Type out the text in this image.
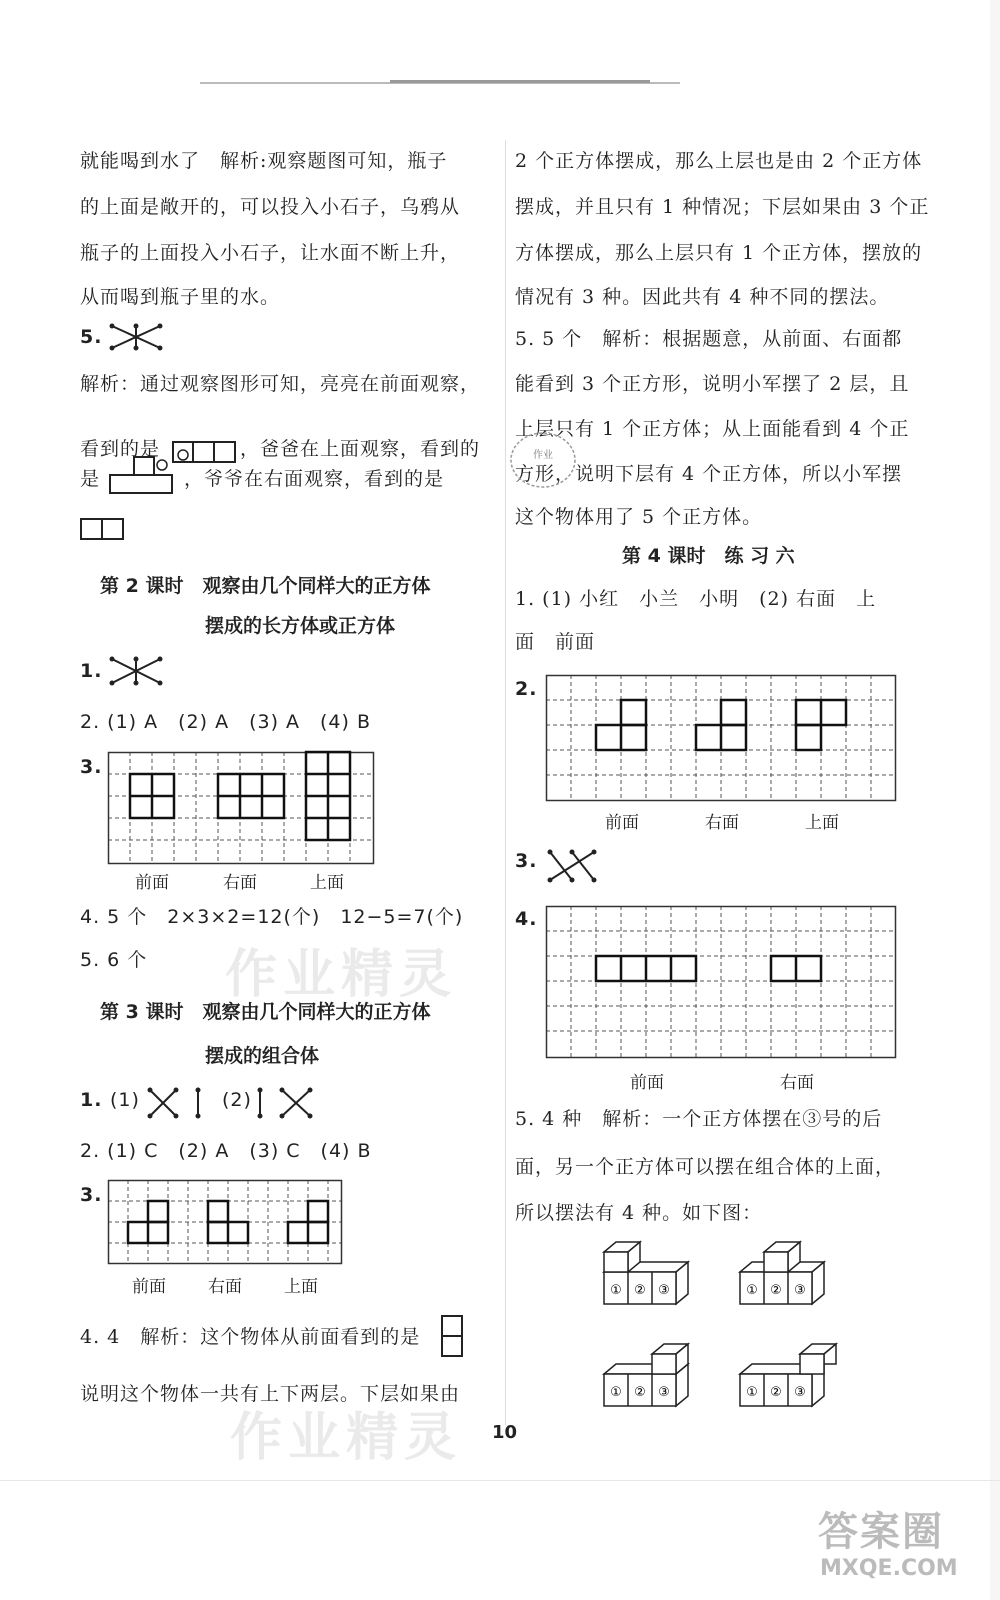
就能喝到水了　解析:观察题图可知，瓶子
的上面是敞开的，可以投入小石子，乌鸦从
瓶子的上面投入小石子，让水面不断上升，
从而喝到瓶子里的水。
5.
解析：通过观察图形可知，亮亮在前面观察，
看到的是	，爸爸在上面观察，看到的
是	，爷爷在右面观察，看到的是
第 2 课时　观察由几个同样大的正方体
摆成的长方体或正方体
1.
2. (1) A　(2) A　(3) A　(4) B
3.
前面	右面	上面
4. 5 个　2×3×2=12(个)　12−5=7(个)
5. 6 个
第 3 课时　观察由几个同样大的正方体
摆成的组合体
1. (1)	(2)
2. (1) C　(2) A　(3) C　(4) B
3.
前面 右面 上面
4. 4　解析：这个物体从前面看到的是
说明这个物体一共有上下两层。下层如果由
2 个正方体摆成，那么上层也是由 2 个正方体
摆成，并且只有 1 种情况；下层如果由 3 个正
方体摆成，那么上层只有 1 个正方体，摆放的
情况有 3 种。因此共有 4 种不同的摆法。
5. 5 个　解析：根据题意，从前面、右面都
能看到 3 个正方形，说明小军摆了 2 层，且
上层只有 1 个正方体；从上面能看到 4 个正
方形，说明下层有 4 个正方体，所以小军摆
这个物体用了 5 个正方体。
作业
第 4 课时　练 习 六
1. (1) 小红　小兰　小明　(2) 右面　上
面　前面
2.
前面	右面	上面
3.
4.
前面	右面
5. 4 种　解析：一个正方体摆在③号的后
面，另一个正方体可以摆在组合体的上面，
所以摆法有 4 种。如下图：
① ② ③	① ② ③
① ② ③	① ② ③
作业精灵
作业精灵 10
答案圈
MXQE.COM
